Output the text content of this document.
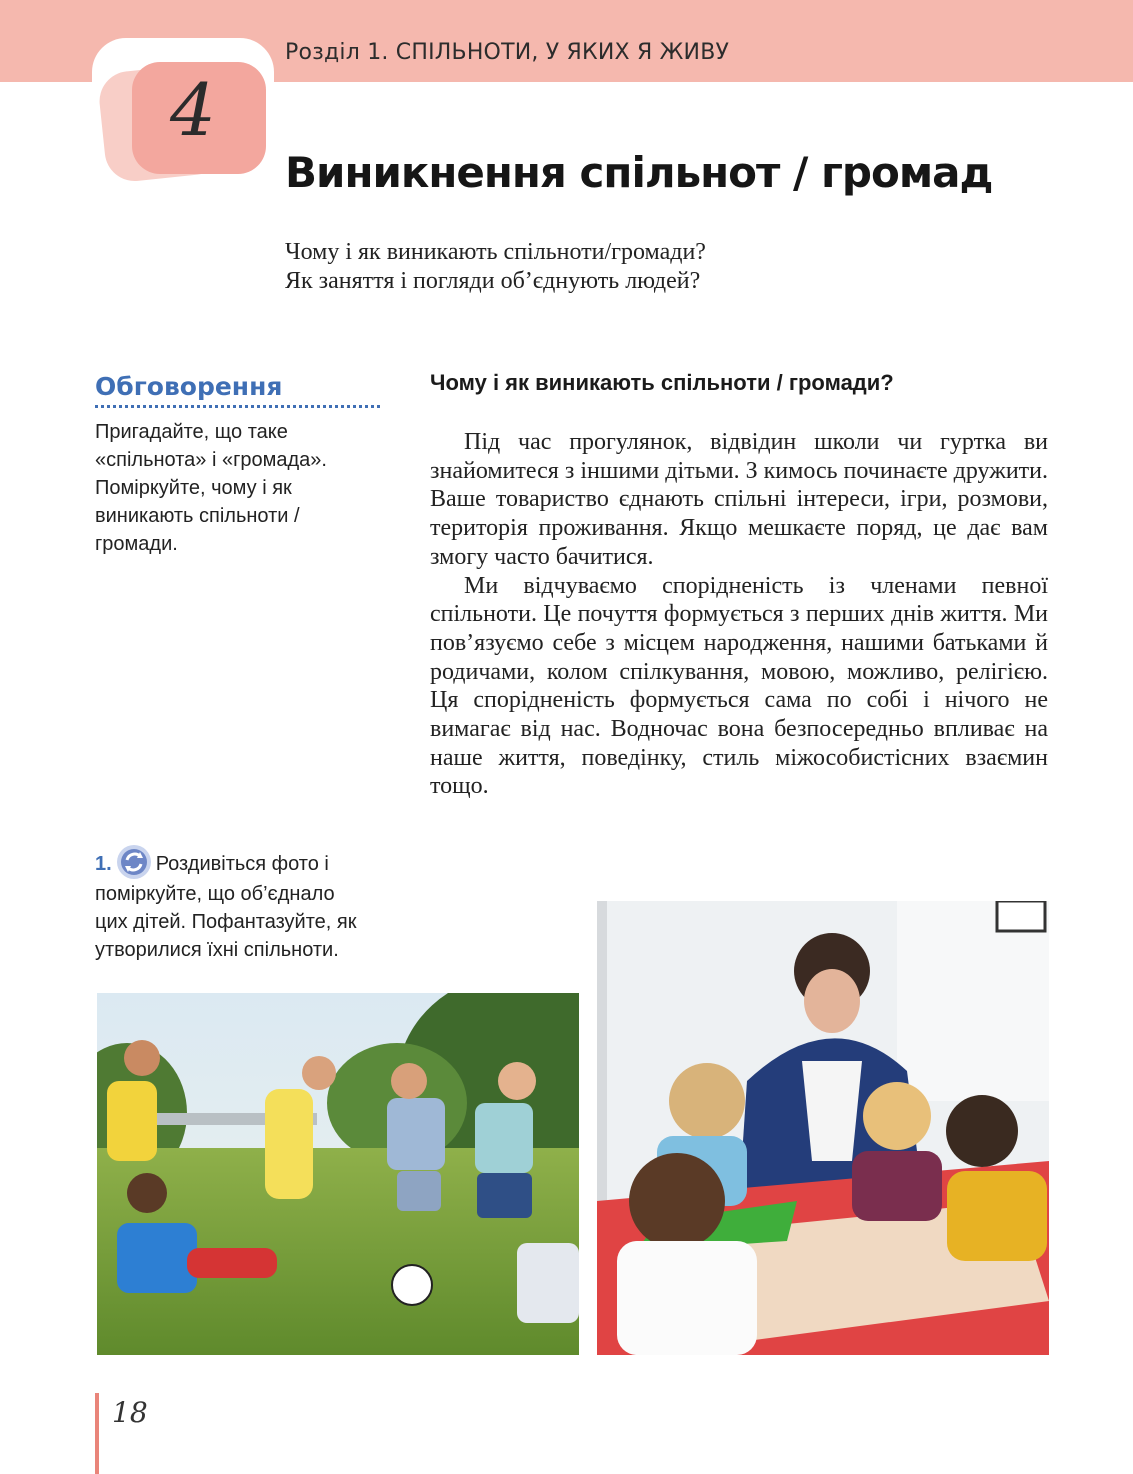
Розділ 1. СПІЛЬНОТИ, У ЯКИХ Я ЖИВУ
4
Виникнення спільнот / громад
Чому і як виникають спільноти/громади?
Як заняття і погляди об’єднують людей?
Обговорення
Пригадайте, що таке
«спільнота» і «громада».
Поміркуйте, чому і як
виникають спільноти /
громади.
Чому і як виникають спільноти / громади?

Під час прогулянок, відвідин школи чи гуртка ви знайомитеся з іншими дітьми. З кимось починаєте дружити. Ваше товариство єднають спільні інтереси, ігри, розмови, територія проживання. Якщо мешкаєте поряд, це дає вам змогу часто бачитися.

Ми відчуваємо спорідненість із членами певної спільноти. Це почуття формується з перших днів життя. Ми пов’язуємо себе з місцем народження, нашими батьками й родичами, колом спілкування, мовою, можливо, релігією. Ця спорідненість формується сама по собі і нічого не вимагає від нас. Водночас вона безпосередньо впливає на наше життя, поведінку, стиль міжособистісних взаємин тощо.

1. Роздивіться фото і
поміркуйте, що об’єднало
цих дітей. Пофантазуйте, як
утворилися їхні спільноти.
18
